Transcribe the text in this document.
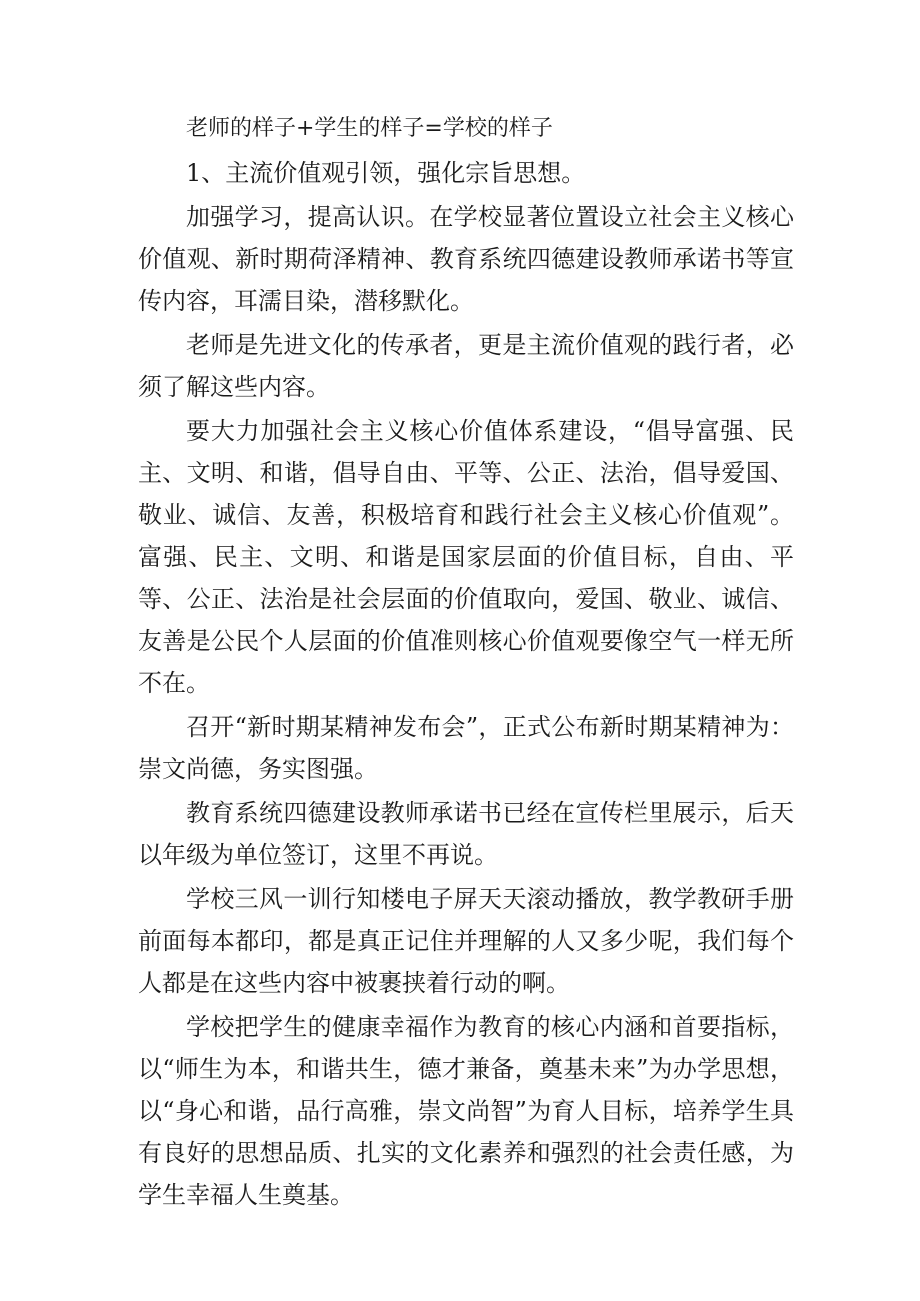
老师的样子+学生的样子=学校的样子
1、主流价值观引领，强化宗旨思想。

加强学习，提高认识。在学校显著位置设立社会主义核心价值观、新时期荷泽精神、教育系统四德建设教师承诺书等宣传内容，耳濡目染，潜移默化。

老师是先进文化的传承者，更是主流价值观的践行者，必须了解这些内容。

要大力加强社会主义核心价值体系建设，“倡导富强、民主、文明、和谐，倡导自由、平等、公正、法治，倡导爱国、敬业、诚信、友善，积极培育和践行社会主义核心价值观”。富强、民主、文明、和谐是国家层面的价值目标，自由、平等、公正、法治是社会层面的价值取向，爱国、敬业、诚信、友善是公民个人层面的价值准则核心价值观要像空气一样无所不在。

召开“新时期某精神发布会”，正式公布新时期某精神为：崇文尚德，务实图强。

教育系统四德建设教师承诺书已经在宣传栏里展示，后天以年级为单位签订，这里不再说。

学校三风一训行知楼电子屏天天滚动播放，教学教研手册前面每本都印，都是真正记住并理解的人又多少呢，我们每个人都是在这些内容中被裹挟着行动的啊。

学校把学生的健康幸福作为教育的核心内涵和首要指标，以“师生为本，和谐共生，德才兼备，奠基未来”为办学思想，以“身心和谐，品行高雅，崇文尚智”为育人目标，培养学生具有良好的思想品质、扎实的文化素养和强烈的社会责任感，为学生幸福人生奠基。
